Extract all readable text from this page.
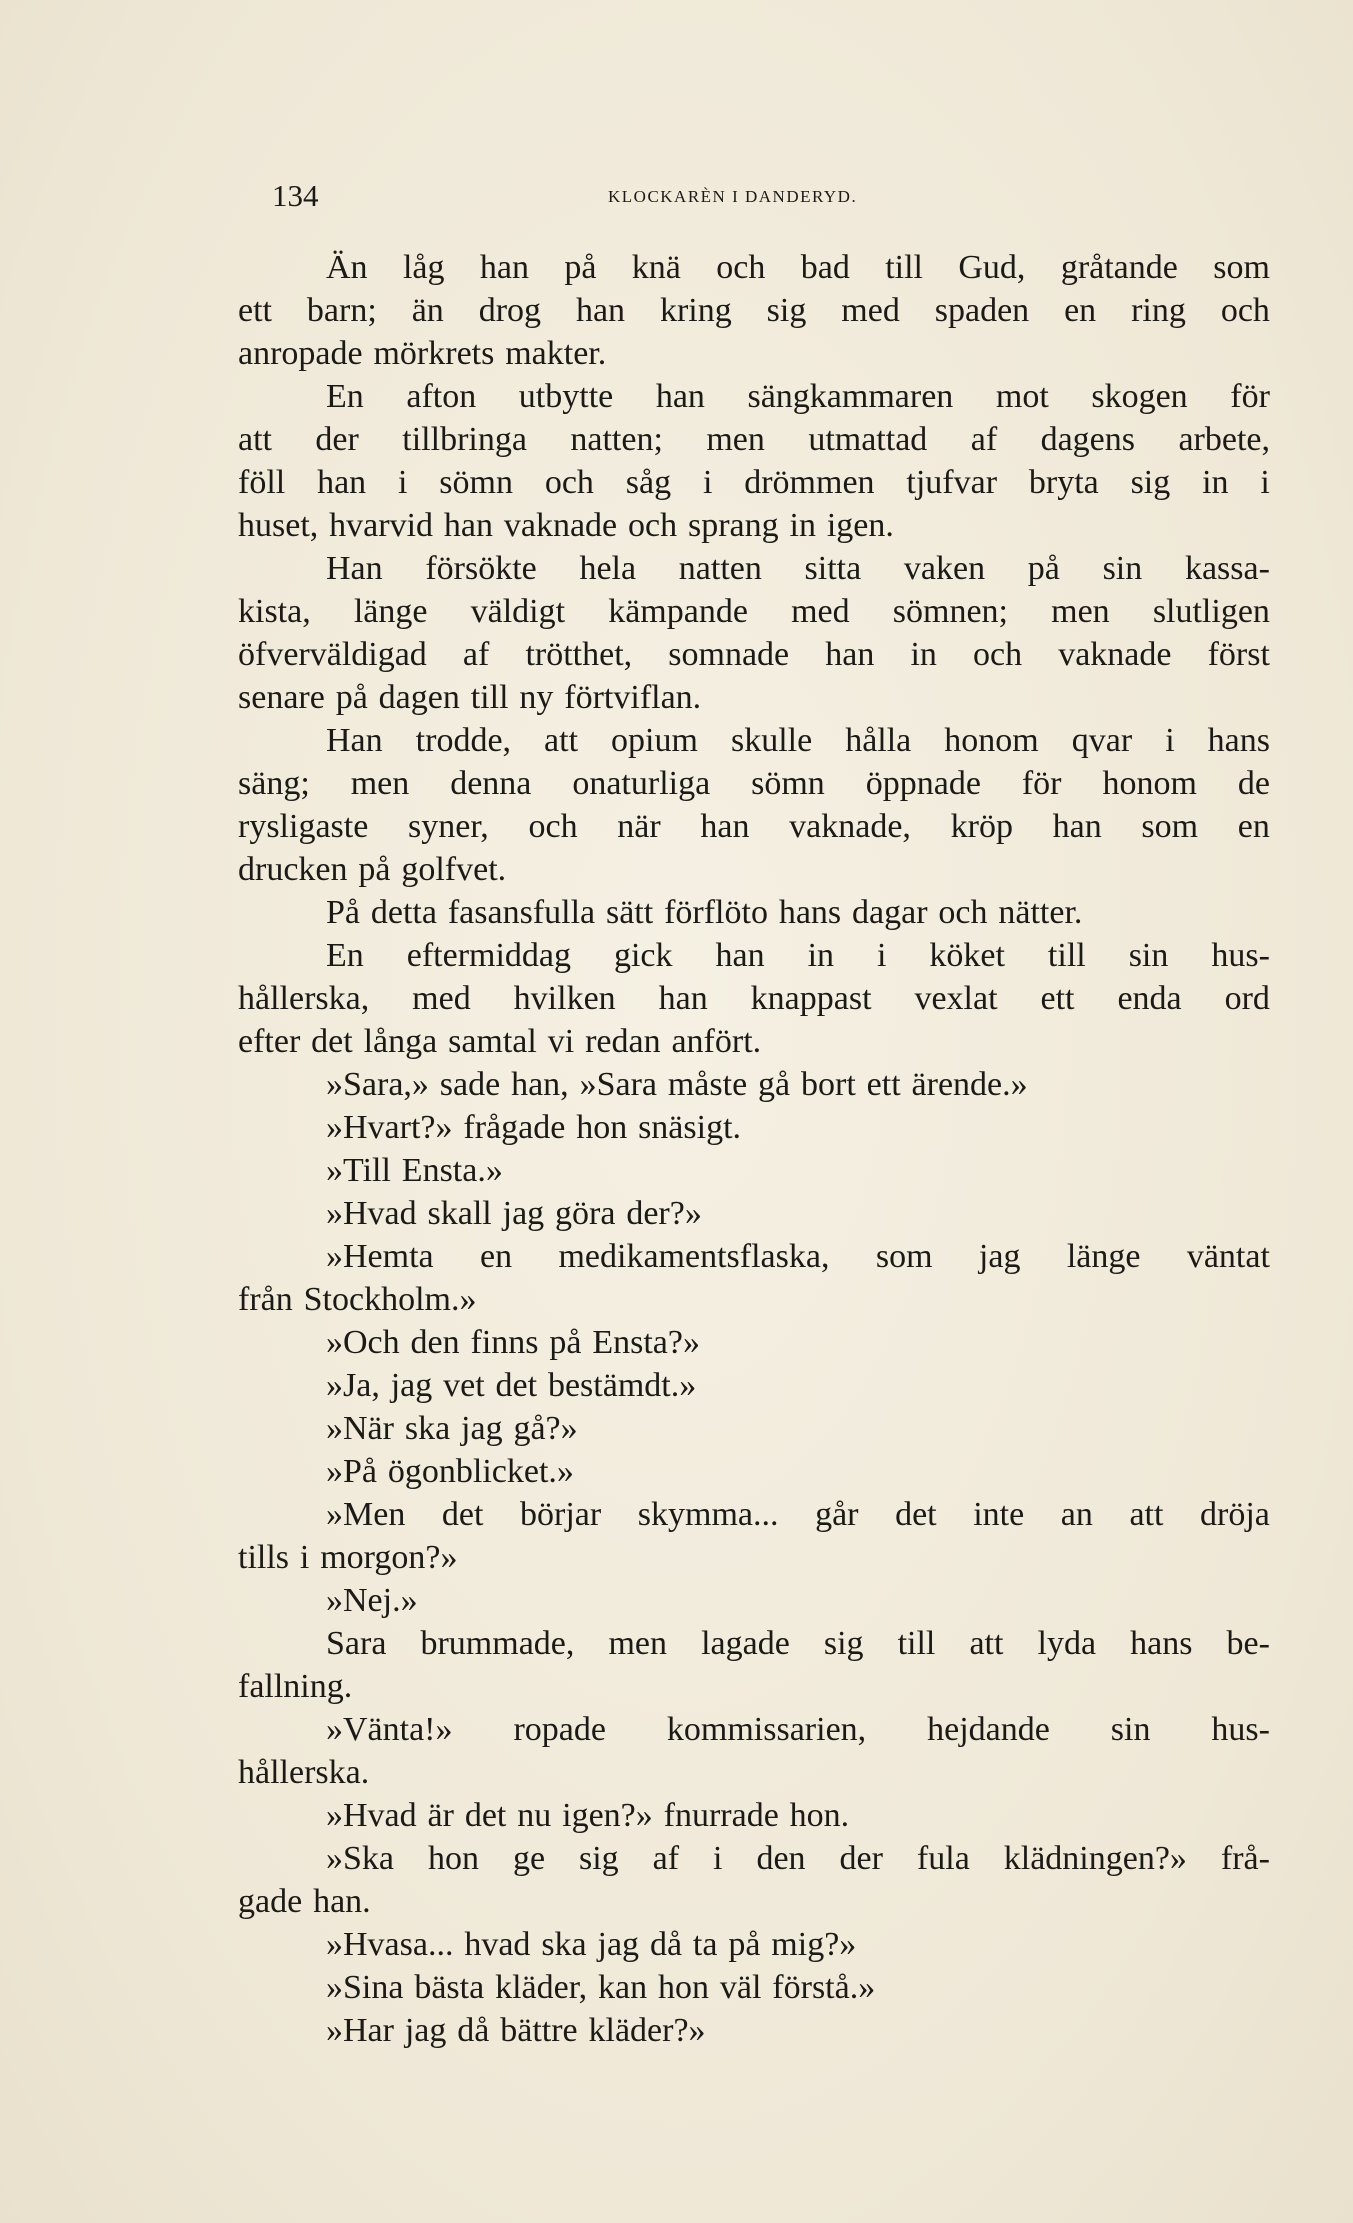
134	KLOCKARÈN I DANDERYD.
Än låg han på knä och bad till Gud, gråtande som
ett barn; än drog han kring sig med spaden en ring och
anropade mörkrets makter.
En afton utbytte han sängkammaren mot skogen för
att der tillbringa natten; men utmattad af dagens arbete,
föll han i sömn och såg i drömmen tjufvar bryta sig in i
huset, hvarvid han vaknade och sprang in igen.
Han försökte hela natten sitta vaken på sin kassa-
kista, länge väldigt kämpande med sömnen; men slutligen
öfverväldigad af trötthet, somnade han in och vaknade först
senare på dagen till ny förtviflan.
Han trodde, att opium skulle hålla honom qvar i hans
säng; men denna onaturliga sömn öppnade för honom de
rysligaste syner, och när han vaknade, kröp han som en
drucken på golfvet.
På detta fasansfulla sätt förflöto hans dagar och nätter.
En eftermiddag gick han in i köket till sin hus-
hållerska, med hvilken han knappast vexlat ett enda ord
efter det långa samtal vi redan anfört.
»Sara,» sade han, »Sara måste gå bort ett ärende.»
»Hvart?» frågade hon snäsigt.
»Till Ensta.»
»Hvad skall jag göra der?»
»Hemta en medikamentsflaska, som jag länge väntat
från Stockholm.»
»Och den finns på Ensta?»
»Ja, jag vet det bestämdt.»
»När ska jag gå?»
»På ögonblicket.»
»Men det börjar skymma... går det inte an att dröja
tills i morgon?»
»Nej.»
Sara brummade, men lagade sig till att lyda hans be-
fallning.
»Vänta!» ropade kommissarien, hejdande sin hus-
hållerska.
»Hvad är det nu igen?» fnurrade hon.
»Ska hon ge sig af i den der fula klädningen?» frå-
gade han.
»Hvasa... hvad ska jag då ta på mig?»
»Sina bästa kläder, kan hon väl förstå.»
»Har jag då bättre kläder?»
